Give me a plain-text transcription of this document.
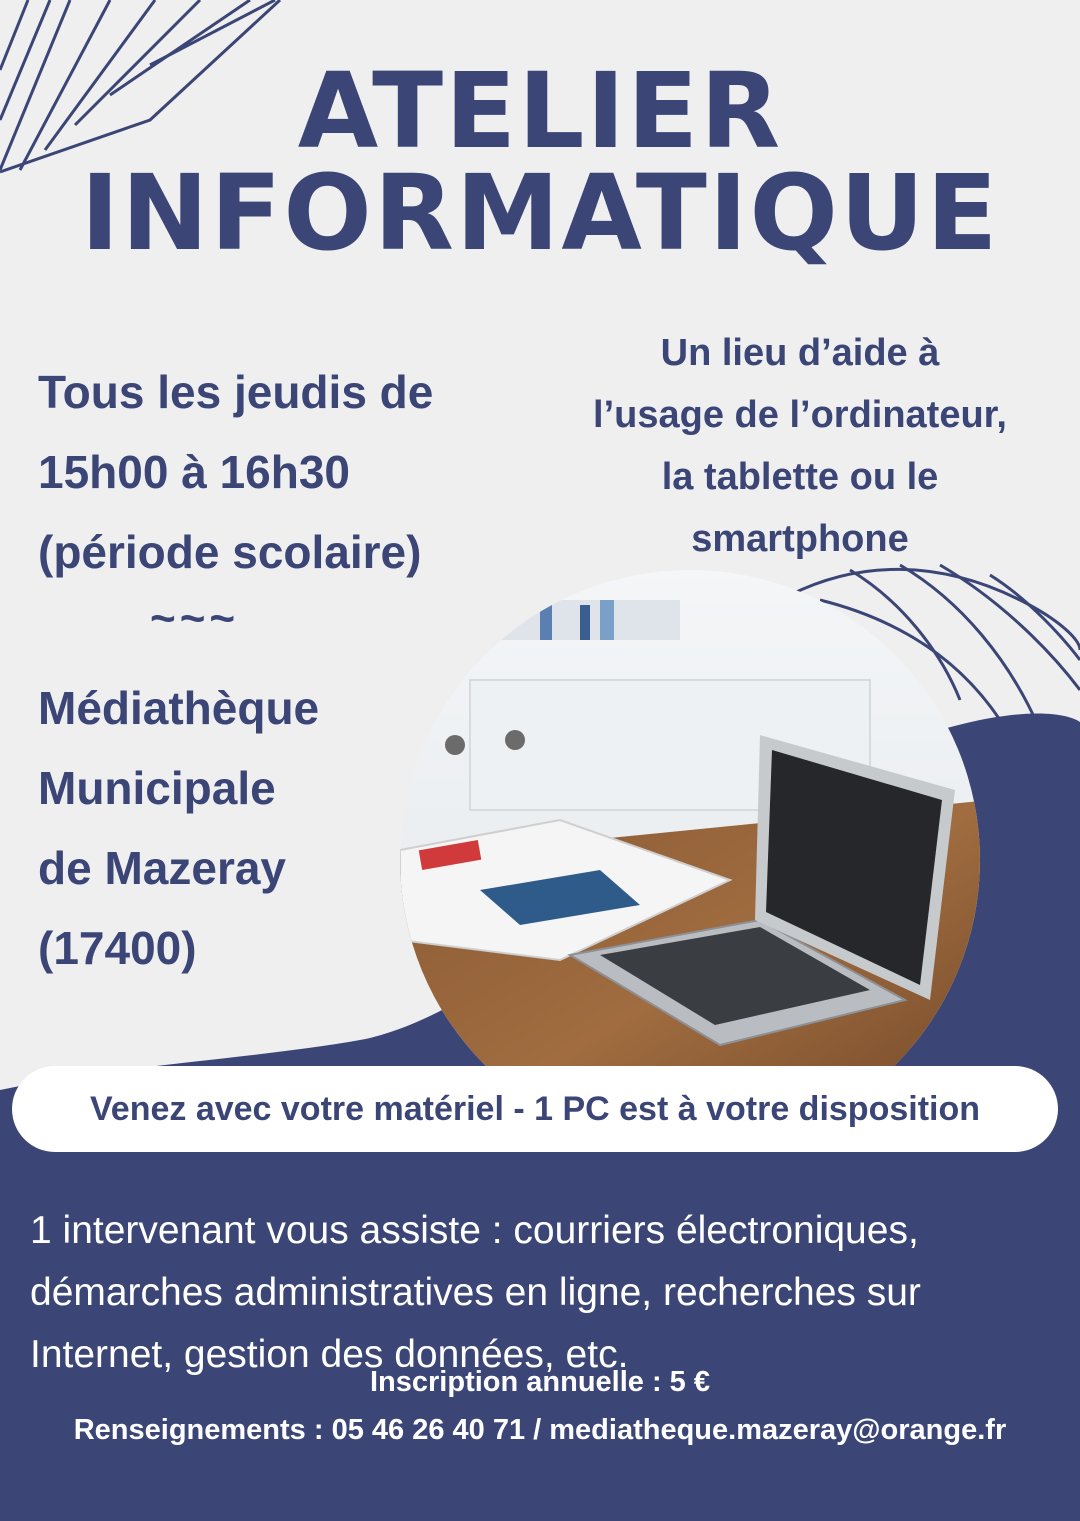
ATELIER
INFORMATIQUE
Tous les jeudis de
15h00 à 16h30
(période scolaire)
~~~
Médiathèque
Municipale
de Mazeray
(17400)
Un lieu d’aide à
l’usage de l’ordinateur,
la tablette ou le
smartphone
Venez avec votre matériel - 1 PC est à votre disposition
1 intervenant vous assiste : courriers électroniques,
démarches administratives en ligne, recherches sur
Internet, gestion des données, etc.
Inscription annuelle : 5 €
Renseignements : 05 46 26 40 71 / mediatheque.mazeray@orange.fr
